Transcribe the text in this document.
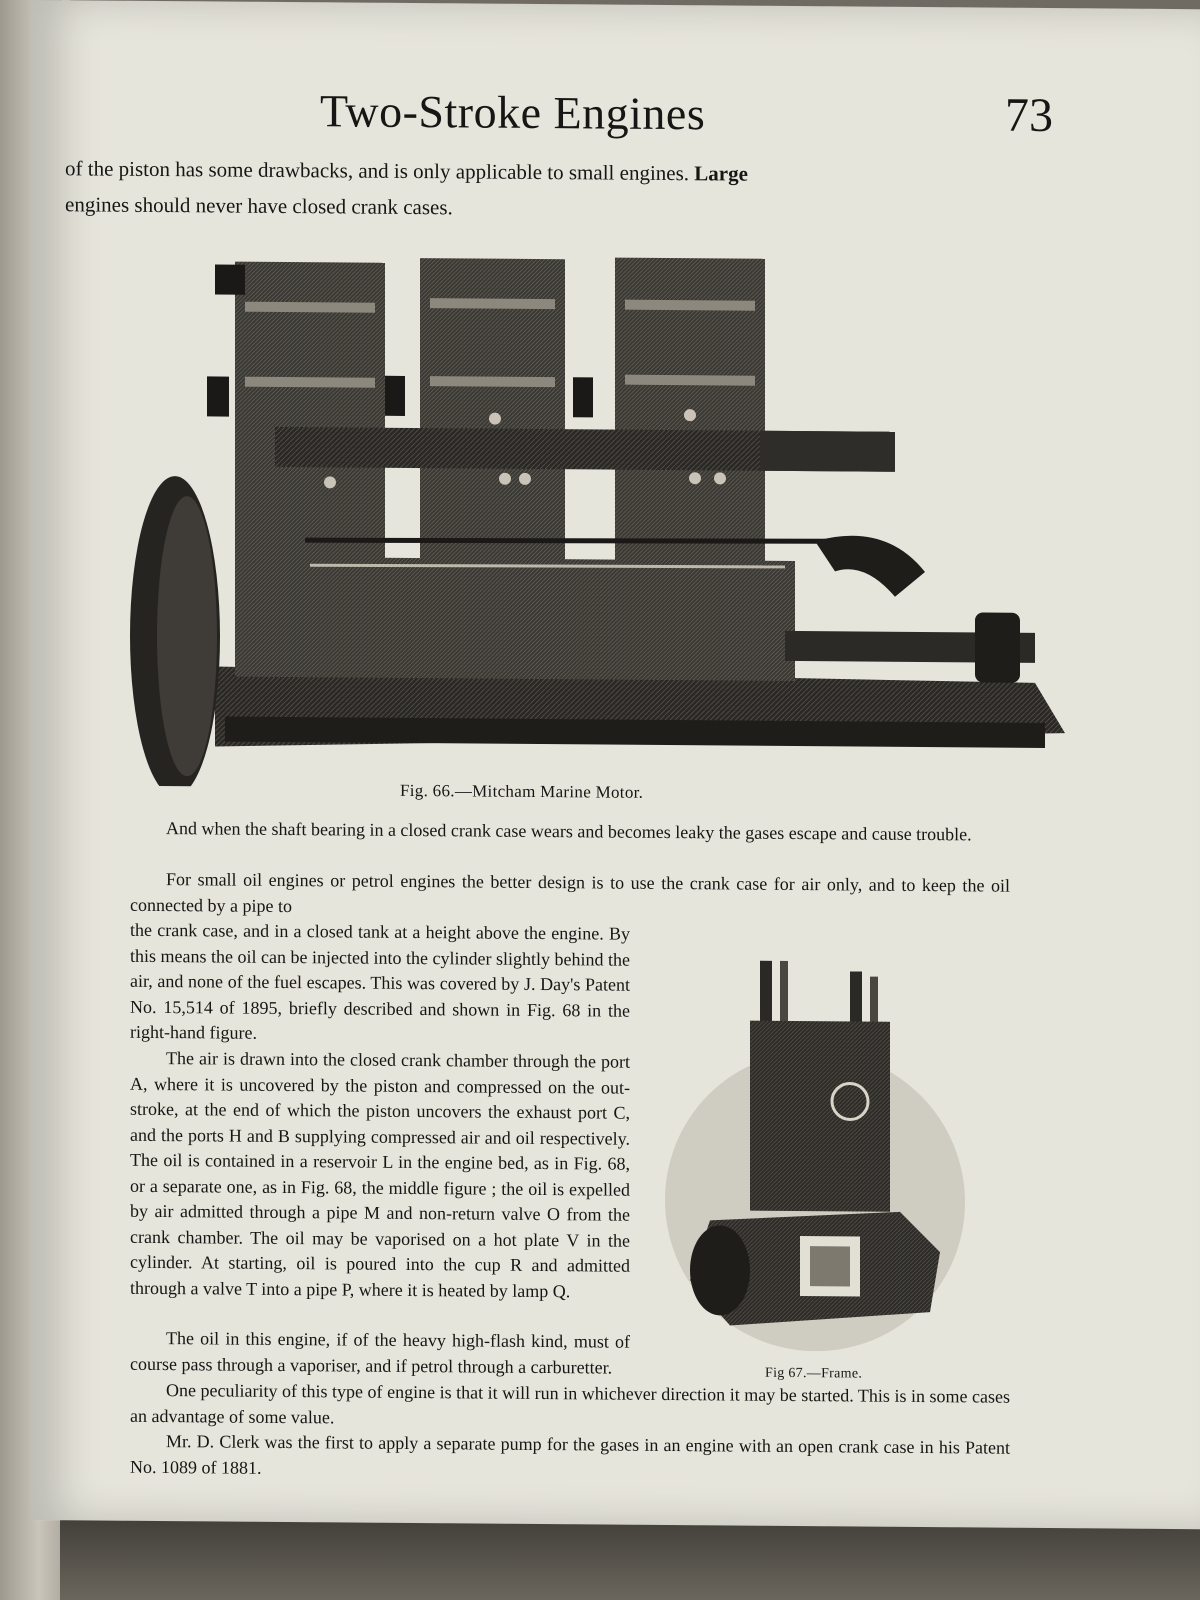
Two-Stroke Engines	73
of the piston has some drawbacks, and is only applicable to small engines. Large
engines should never have closed crank cases.
Fig. 66.—Mitcham Marine Motor.
And when the shaft bearing in a closed crank case wears and becomes leaky the gases escape and cause trouble.
For small oil engines or petrol engines the better design is to use the crank case for air only, and to keep the oil connected by a pipe to
the crank case, and in a closed tank at a height above the engine. By this means the oil can be injected into the cylinder slightly behind the air, and none of the fuel escapes. This was covered by J. Day's Patent No. 15,514 of 1895, briefly described and shown in Fig. 68 in the right-hand figure.
The air is drawn into the closed crank chamber through the port A, where it is uncovered by the piston and compressed on the out-stroke, at the end of which the piston uncovers the exhaust port C, and the ports H and B supplying compressed air and oil respectively. The oil is contained in a reservoir L in the engine bed, as in Fig. 68, or a separate one, as in Fig. 68, the middle figure ; the oil is expelled by air admitted through a pipe M and non-return valve O from the crank chamber. The oil may be vaporised on a hot plate V in the cylinder. At starting, oil is poured into the cup R and admitted through a valve T into a pipe P, where it is heated by lamp Q.
The oil in this engine, if of the heavy high-flash kind, must of course pass through a vaporiser, and if petrol through a carburetter.
One peculiarity of this type of engine is that it will run in whichever direction it may be started. This is in some cases an advantage of some value.
Mr. D. Clerk was the first to apply a separate pump for the gases in an engine with an open crank case in his Patent No. 1089 of 1881.
Fig 67.—Frame.
